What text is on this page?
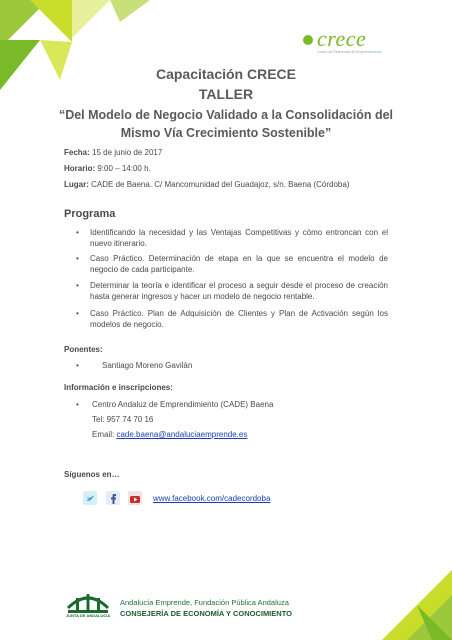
crece
Centro de Referencia de Emprendimiento
Capacitación CRECE
TALLER
“Del Modelo de Negocio Validado a la Consolidación del Mismo Vía Crecimiento Sostenible”
Fecha: 15 de junio de 2017
Horario: 9:00 – 14:00 h.
Lugar: CADE de Baena. C/ Mancomunidad del Guadajoz, s/n. Baena (Córdoba)
Programa
• Identificando la necesidad y las Ventajas Competitivas y cómo entroncan con el nuevo itinerario.
• Caso Práctico. Determinación de etapa en la que se encuentra el modelo de negocio de cada participante.
• Determinar la teoría e identificar el proceso a seguir desde el proceso de creación hasta generar ingresos y hacer un modelo de negocio rentable.
• Caso Práctico. Plan de Adquisición de Clientes y Plan de Activación según los modelos de negocio.
Ponentes:
•	Santiago Moreno Gavilán
Información e inscripciones:
• Centro Andaluz de Emprendimiento (CADE) Baena
Tel: 957 74 70 16
Email: cade.baena@andaluciaemprende.es
Síguenos en…
www.facebook.com/cadecordoba
JUNTA DE ANDALUCIA
Andalucía Emprende, Fundación Pública Andaluza
CONSEJERÍA DE ECONOMÍA Y CONOCIMIENTO
